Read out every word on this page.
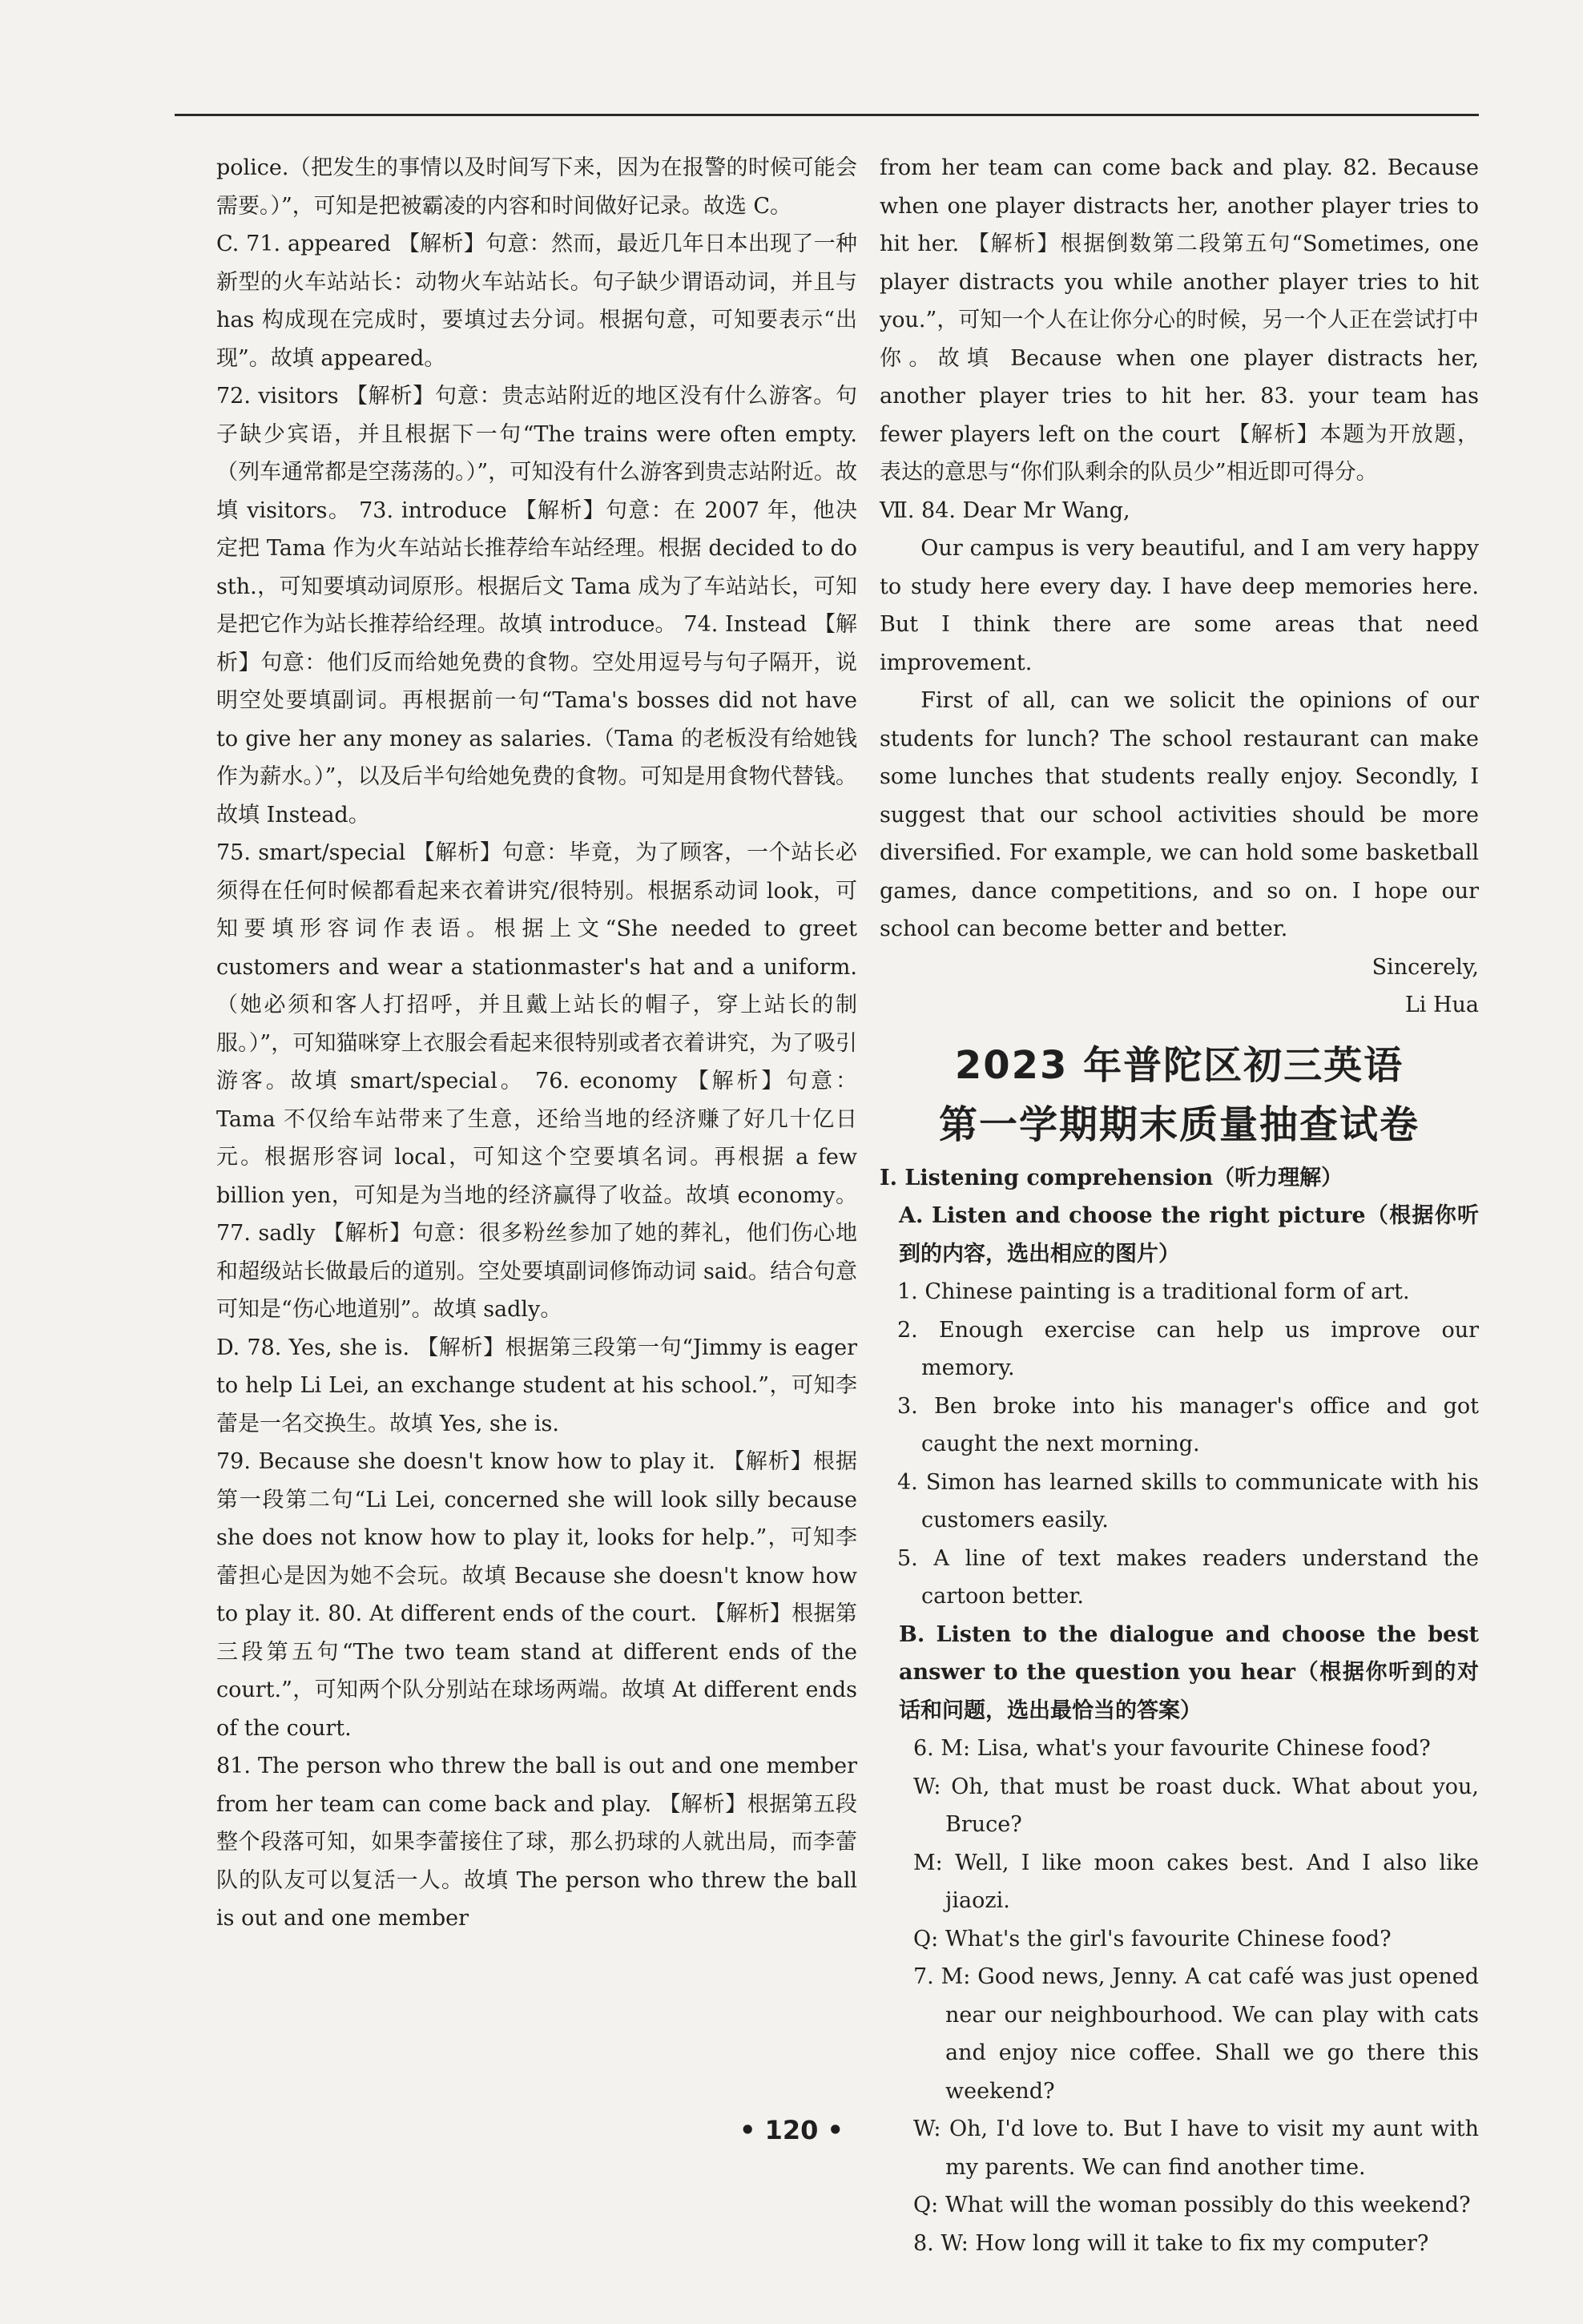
police.（把发生的事情以及时间写下来，因为在报警的时候可能会需要。）”，可知是把被霸凌的内容和时间做好记录。故选 C。

C. 71. appeared 【解析】句意：然而，最近几年日本出现了一种新型的火车站站长：动物火车站站长。句子缺少谓语动词，并且与 has 构成现在完成时，要填过去分词。根据句意，可知要表示“出现”。故填 appeared。

72. visitors 【解析】句意：贵志站附近的地区没有什么游客。句子缺少宾语，并且根据下一句“The trains were often empty.（列车通常都是空荡荡的。）”，可知没有什么游客到贵志站附近。故填 visitors。 73. introduce 【解析】句意：在 2007 年，他决定把 Tama 作为火车站站长推荐给车站经理。根据 decided to do sth.，可知要填动词原形。根据后文 Tama 成为了车站站长，可知是把它作为站长推荐给经理。故填 introduce。 74. Instead 【解析】句意：他们反而给她免费的食物。空处用逗号与句子隔开，说明空处要填副词。再根据前一句“Tama's bosses did not have to give her any money as salaries.（Tama 的老板没有给她钱作为薪水。）”，以及后半句给她免费的食物。可知是用食物代替钱。故填 Instead。

75. smart/special 【解析】句意：毕竟，为了顾客，一个站长必须得在任何时候都看起来衣着讲究/很特别。根据系动词 look，可知要填形容词作表语。根据上文“She needed to greet customers and wear a stationmaster's hat and a uniform.（她必须和客人打招呼，并且戴上站长的帽子，穿上站长的制服。）”，可知猫咪穿上衣服会看起来很特别或者衣着讲究，为了吸引游客。故填 smart/special。 76. economy 【解析】句意：Tama 不仅给车站带来了生意，还给当地的经济赚了好几十亿日元。根据形容词 local，可知这个空要填名词。再根据 a few billion yen，可知是为当地的经济赢得了收益。故填 economy。 77. sadly 【解析】句意：很多粉丝参加了她的葬礼，他们伤心地和超级站长做最后的道别。空处要填副词修饰动词 said。结合句意可知是“伤心地道别”。故填 sadly。

D. 78. Yes, she is. 【解析】根据第三段第一句“Jimmy is eager to help Li Lei, an exchange student at his school.”，可知李蕾是一名交换生。故填 Yes, she is.

79. Because she doesn't know how to play it. 【解析】根据第一段第二句“Li Lei, concerned she will look silly because she does not know how to play it, looks for help.”，可知李蕾担心是因为她不会玩。故填 Because she doesn't know how to play it. 80. At different ends of the court. 【解析】根据第三段第五句“The two team stand at different ends of the court.”，可知两个队分别站在球场两端。故填 At different ends of the court.

81. The person who threw the ball is out and one member from her team can come back and play. 【解析】根据第五段整个段落可知，如果李蕾接住了球，那么扔球的人就出局，而李蕾队的队友可以复活一人。故填 The person who threw the ball is out and one member

from her team can come back and play. 82. Because when one player distracts her, another player tries to hit her. 【解析】根据倒数第二段第五句“Sometimes, one player distracts you while another player tries to hit you.”，可知一个人在让你分心的时候，另一个人正在尝试打中你。故填 Because when one player distracts her, another player tries to hit her. 83. your team has fewer players left on the court 【解析】本题为开放题，表达的意思与“你们队剩余的队员少”相近即可得分。

Ⅶ. 84. Dear Mr Wang,

Our campus is very beautiful, and I am very happy to study here every day. I have deep memories here. But I think there are some areas that need improvement.

First of all, can we solicit the opinions of our students for lunch? The school restaurant can make some lunches that students really enjoy. Secondly, I suggest that our school activities should be more diversified. For example, we can hold some basketball games, dance competitions, and so on. I hope our school can become better and better.

Sincerely,

Li Hua

2023 年普陀区初三英语
第一学期期末质量抽查试卷

Ⅰ. Listening comprehension（听力理解）

A. Listen and choose the right picture（根据你听到的内容，选出相应的图片）

1. Chinese painting is a traditional form of art.

2. Enough exercise can help us improve our memory.

3. Ben broke into his manager's office and got caught the next morning.

4. Simon has learned skills to communicate with his customers easily.

5. A line of text makes readers understand the cartoon better.

B. Listen to the dialogue and choose the best answer to the question you hear（根据你听到的对话和问题，选出最恰当的答案）

6. M: Lisa, what's your favourite Chinese food?

W: Oh, that must be roast duck. What about you, Bruce?

M: Well, I like moon cakes best. And I also like jiaozi.

Q: What's the girl's favourite Chinese food?

7. M: Good news, Jenny. A cat café was just opened near our neighbourhood. We can play with cats and enjoy nice coffee. Shall we go there this weekend?

W: Oh, I'd love to. But I have to visit my aunt with my parents. We can find another time.

Q: What will the woman possibly do this weekend?

8. W: How long will it take to fix my computer?

• 120 •
